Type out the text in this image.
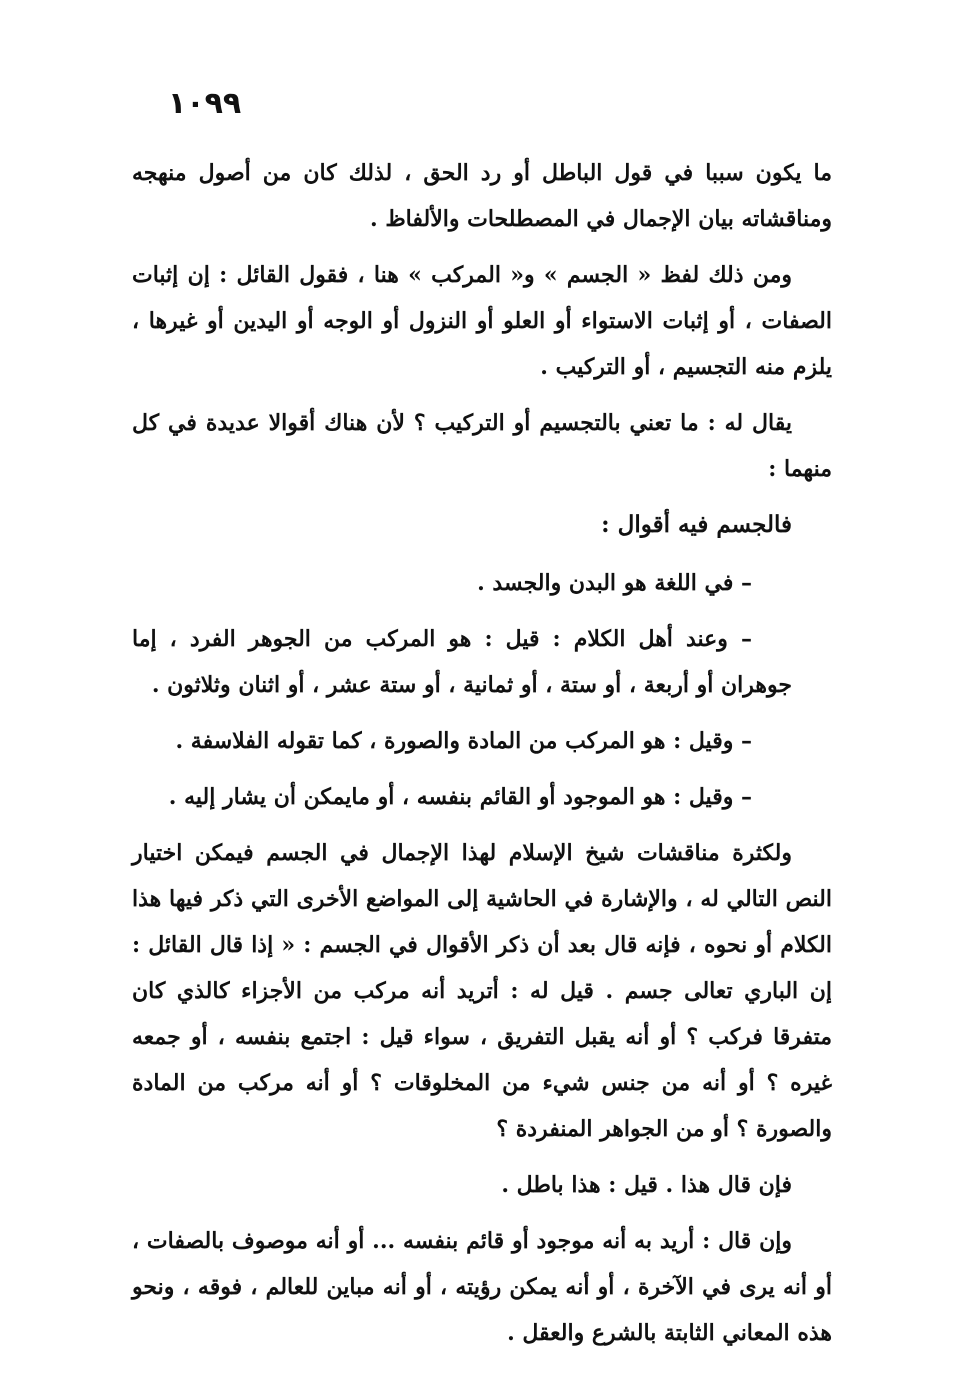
١٠٩٩

ما يكون سببا في قول الباطل أو رد الحق ، لذلك كان من أصول منهجه ومناقشاته بيان الإجمال في المصطلحات والألفاظ .

ومن ذلك لفظ « الجسم » و« المركب » هنا ، فقول القائل : إن إثبات الصفات ، أو إثبات الاستواء أو العلو أو النزول أو الوجه أو اليدين أو غيرها ، يلزم منه التجسيم ، أو التركيب .

يقال له : ما تعني بالتجسيم أو التركيب ؟ لأن هناك أقوالا عديدة في كل منهما :

فالجسم فيه أقوال :

– في اللغة هو البدن والجسد .

– وعند أهل الكلام : قيل : هو المركب من الجوهر الفرد ، إما جوهران أو أربعة ، أو ستة ، أو ثمانية ، أو ستة عشر ، أو اثنان وثلاثون .

– وقيل : هو المركب من المادة والصورة ، كما تقوله الفلاسفة .

– وقيل : هو الموجود أو القائم بنفسه ، أو مايمكن أن يشار إليه .

ولكثرة مناقشات شيخ الإسلام لهذا الإجمال في الجسم فيمكن اختيار النص التالي له ، والإشارة في الحاشية إلى المواضع الأخرى التي ذكر فيها هذا الكلام أو نحوه ، فإنه قال بعد أن ذكر الأقوال في الجسم : « إذا قال القائل : إن الباري تعالى جسم . قيل له : أتريد أنه مركب من الأجزاء كالذي كان متفرقا فركب ؟ أو أنه يقبل التفريق ، سواء قيل : اجتمع بنفسه ، أو جمعه غيره ؟ أو أنه من جنس شيء من المخلوقات ؟ أو أنه مركب من المادة والصورة ؟ أو من الجواهر المنفردة ؟

فإن قال هذا . قيل : هذا باطل .

وإن قال : أريد به أنه موجود أو قائم بنفسه ... أو أنه موصوف بالصفات ، أو أنه يرى في الآخرة ، أو أنه يمكن رؤيته ، أو أنه مباين للعالم ، فوقه ، ونحو هذه المعاني الثابتة بالشرع والعقل .
